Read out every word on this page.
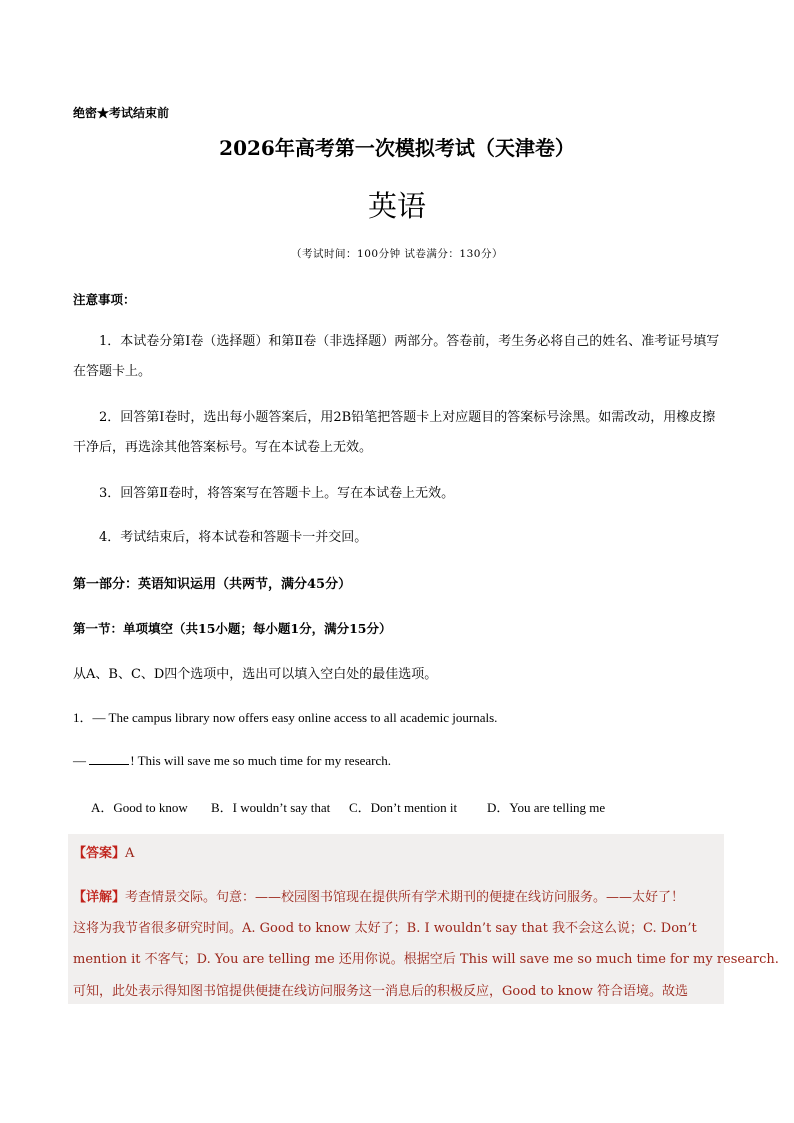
绝密★考试结束前
2026年高考第一次模拟考试（天津卷）
英语
（考试时间：100分钟 试卷满分：130分）
注意事项：
1．本试卷分第Ⅰ卷（选择题）和第Ⅱ卷（非选择题）两部分。答卷前，考生务必将自己的姓名、准考证号填写在答题卡上。
2．回答第Ⅰ卷时，选出每小题答案后，用2B铅笔把答题卡上对应题目的答案标号涂黑。如需改动，用橡皮擦干净后，再选涂其他答案标号。写在本试卷上无效。
3．回答第Ⅱ卷时，将答案写在答题卡上。写在本试卷上无效。
4．考试结束后，将本试卷和答题卡一并交回。
第一部分：英语知识运用（共两节，满分45分）
第一节：单项填空（共15小题；每小题1分，满分15分）
从A、B、C、D四个选项中，选出可以填入空白处的最佳选项。
1．— The campus library now offers easy online access to all academic journals.
—	! This will save me so much time for my research.
A．Good to know B．I wouldn’t say that C．Don’t mention it D．You are telling me
【答案】A
【详解】考查情景交际。句意：——校园图书馆现在提供所有学术期刊的便捷在线访问服务。——太好了！
这将为我节省很多研究时间。A. Good to know 太好了；B. I wouldn’t say that 我不会这么说；C. Don’t
mention it 不客气；D. You are telling me 还用你说。根据空后 This will save me so much time for my research.
可知，此处表示得知图书馆提供便捷在线访问服务这一消息后的积极反应，Good to know 符合语境。故选
